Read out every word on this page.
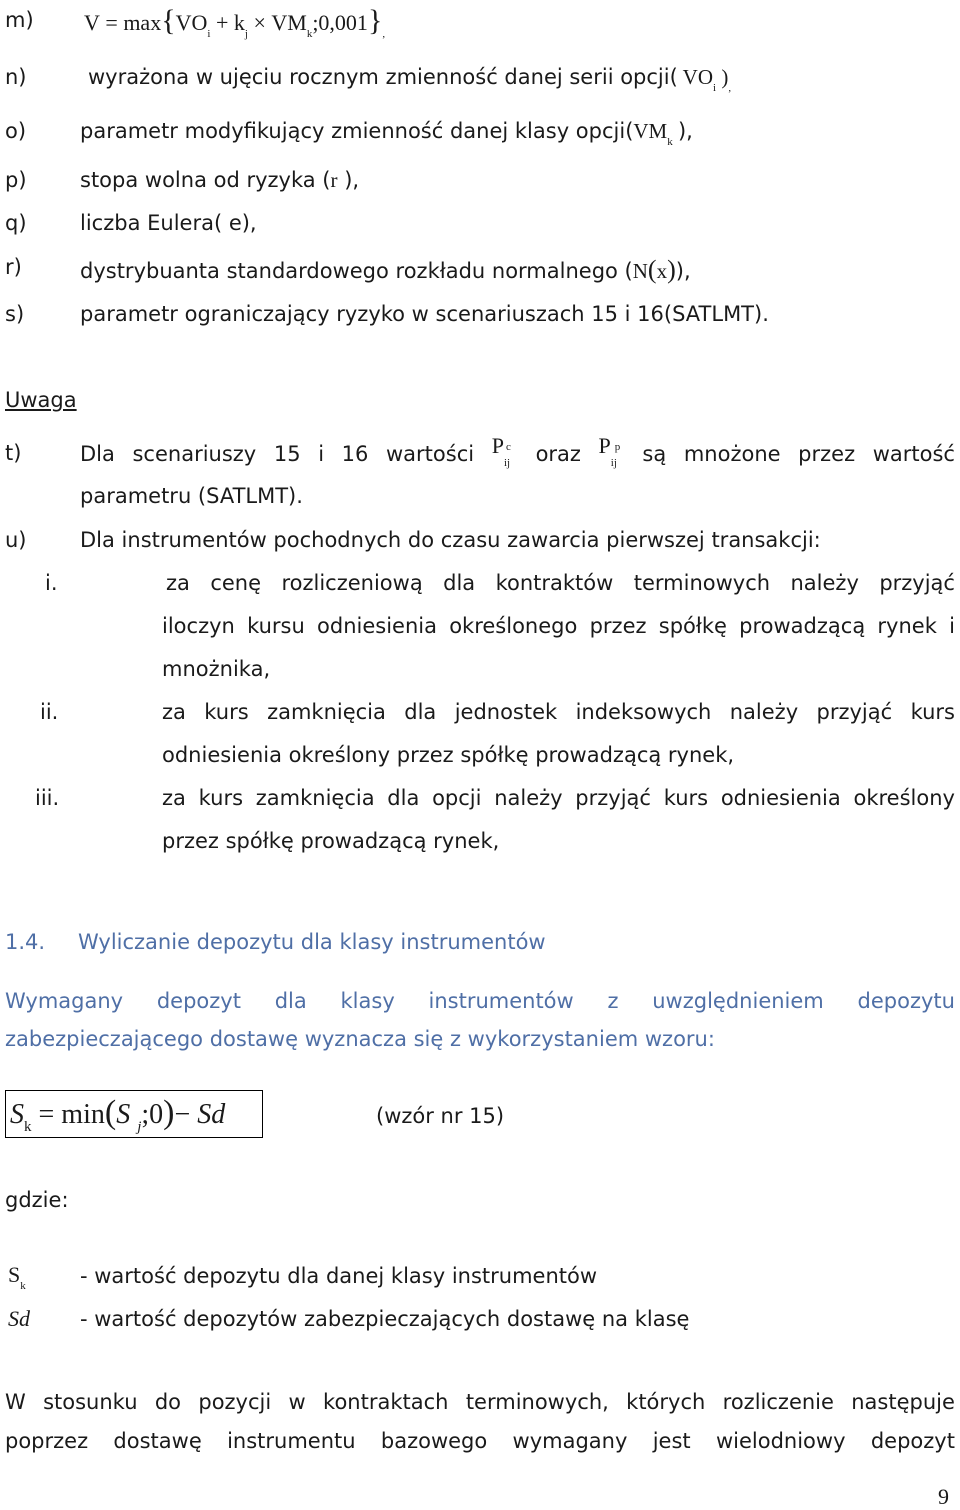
m) $V = \max\{VO_i + k_j$ × $VM_k;0,001\}_,$
n)	wyrażona w ujęciu rocznym zmienność danej serii opcji( $VO_i$ )$_,$
o)	parametr modyfikujący zmienność danej klasy $opcji(VM_k$ ),
p)	stopa wolna od ryzyka (r ),
q)	liczba Eulera( e),
r)	dystrybuanta standardowego rozkładu normalnego (N(x)),
s)	parametr ograniczający ryzyko w scenariuszach 15 i 16(SATLMT).
Uwaga
t)	Dla scenariuszy 15 i 16 wartości P c
ij oraz P p
ij są mnożone przez wartość
parametru (SATLMT).
u)	Dla instrumentów pochodnych do czasu zawarcia pierwszej transakcji:
i.	za cenę rozliczeniową dla kontraktów terminowych należy przyjąć
iloczyn kursu odniesienia określonego przez spółkę prowadzącą rynek i
mnożnika,
ii.	za kurs zamknięcia dla jednostek indeksowych należy przyjąć kurs
odniesienia określony przez spółkę prowadzącą rynek,
iii.	za kurs zamknięcia dla opcji należy przyjąć kurs odniesienia określony
przez spółkę prowadzącą rynek,
1.4. Wyliczanie depozytu dla klasy instrumentów
Wymagany depozyt dla klasy instrumentów z uwzględnieniem depozytu
zabezpieczającego dostawę wyznacza się z wykorzystaniem wzoru:
$S_k = \min(S$ $_j$;0)− Sd	(wzór nr 15)
gdzie:
$S_k$	- wartość depozytu dla danej klasy instrumentów
Sd - wartość depozytów zabezpieczających dostawę na klasę
W stosunku do pozycji w kontraktach terminowych, których rozliczenie następuje
poprzez dostawę instrumentu bazowego wymagany jest wielodniowy depozyt
9
